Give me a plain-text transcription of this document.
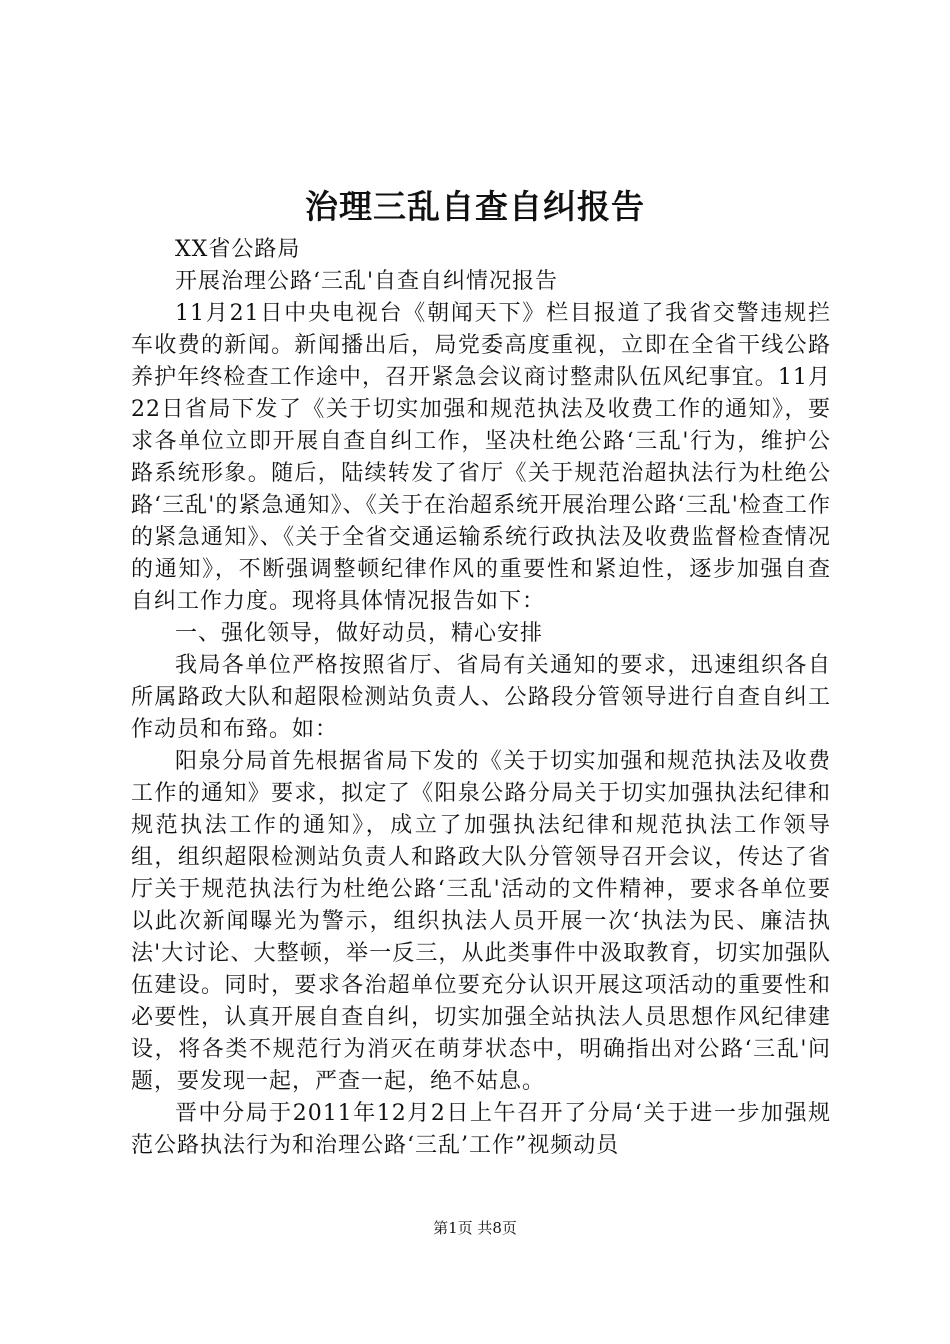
治理三乱自查自纠报告

XX省公路局

开展治理公路‘三乱'自查自纠情况报告

11月21日中央电视台《朝闻天下》栏目报道了我省交警违规拦车收费的新闻。新闻播出后，局党委高度重视，立即在全省干线公路养护年终检查工作途中，召开紧急会议商讨整肃队伍风纪事宜。11月22日省局下发了《关于切实加强和规范执法及收费工作的通知》，要求各单位立即开展自查自纠工作，坚决杜绝公路‘三乱'行为，维护公路系统形象。随后，陆续转发了省厅《关于规范治超执法行为杜绝公路‘三乱'的紧急通知》、《关于在治超系统开展治理公路‘三乱'检查工作的紧急通知》、《关于全省交通运输系统行政执法及收费监督检查情况的通知》，不断强调整顿纪律作风的重要性和紧迫性，逐步加强自查自纠工作力度。现将具体情况报告如下：

一、强化领导，做好动员，精心安排

我局各单位严格按照省厅、省局有关通知的要求，迅速组织各自所属路政大队和超限检测站负责人、公路段分管领导进行自查自纠工作动员和布臵。如：

阳泉分局首先根据省局下发的《关于切实加强和规范执法及收费工作的通知》要求，拟定了《阳泉公路分局关于切实加强执法纪律和规范执法工作的通知》，成立了加强执法纪律和规范执法工作领导组，组织超限检测站负责人和路政大队分管领导召开会议，传达了省厅关于规范执法行为杜绝公路‘三乱'活动的文件精神，要求各单位要以此次新闻曝光为警示，组织执法人员开展一次‘执法为民、廉洁执法'大讨论、大整顿，举一反三，从此类事件中汲取教育，切实加强队伍建设。同时，要求各治超单位要充分认识开展这项活动的重要性和必要性，认真开展自查自纠，切实加强全站执法人员思想作风纪律建设，将各类不规范行为消灭在萌芽状态中，明确指出对公路‘三乱'问题，要发现一起，严查一起，绝不姑息。

晋中分局于2011年12月2日上午召开了分局‘关于进一步加强规范公路执法行为和治理公路‘三乱’工作”视频动员

第1页 共8页
